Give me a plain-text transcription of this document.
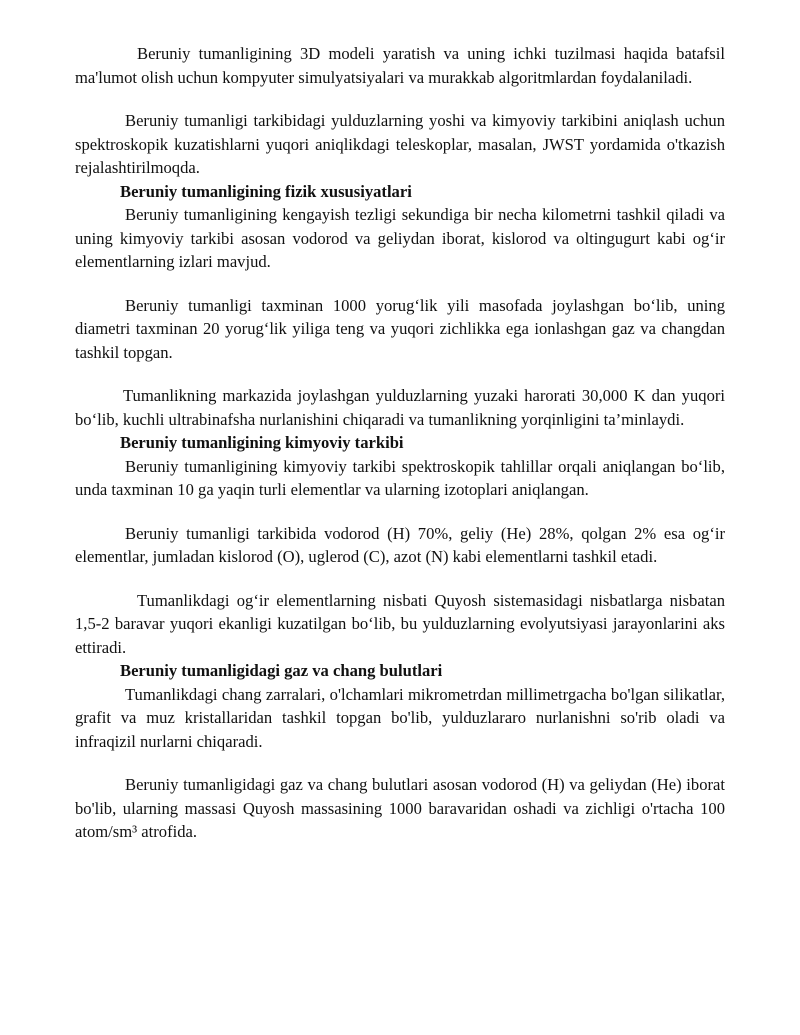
Beruniy tumanligining 3D modeli yaratish va uning ichki tuzilmasi haqida batafsil ma'lumot olish uchun kompyuter simulyatsiyalari va murakkab algoritmlardan foydalaniladi.

Beruniy tumanligi tarkibidagi yulduzlarning yoshi va kimyoviy tarkibini aniqlash uchun spektroskopik kuzatishlarni yuqori aniqlikdagi teleskoplar, masalan, JWST yordamida o'tkazish rejalashtirilmoqda.

Beruniy tumanligining fizik xususiyatlari

Beruniy tumanligining kengayish tezligi sekundiga bir necha kilometrni tashkil qiladi va uning kimyoviy tarkibi asosan vodorod va geliydan iborat, kislorod va oltingugurt kabi og‘ir elementlarning izlari mavjud.

Beruniy tumanligi taxminan 1000 yorug‘lik yili masofada joylashgan bo‘lib, uning diametri taxminan 20 yorug‘lik yiliga teng va yuqori zichlikka ega ionlashgan gaz va changdan tashkil topgan.

Tumanlikning markazida joylashgan yulduzlarning yuzaki harorati 30,000 K dan yuqori bo‘lib, kuchli ultrabinafsha nurlanishini chiqaradi va tumanlikning yorqinligini ta’minlaydi.

Beruniy tumanligining kimyoviy tarkibi

Beruniy tumanligining kimyoviy tarkibi spektroskopik tahlillar orqali aniqlangan bo‘lib, unda taxminan 10 ga yaqin turli elementlar va ularning izotoplari aniqlangan.

Beruniy tumanligi tarkibida vodorod (H) 70%, geliy (He) 28%, qolgan 2% esa og‘ir elementlar, jumladan kislorod (O), uglerod (C), azot (N) kabi elementlarni tashkil etadi.

Tumanlikdagi og‘ir elementlarning nisbati Quyosh sistemasidagi nisbatlarga nisbatan 1,5-2 baravar yuqori ekanligi kuzatilgan bo‘lib, bu yulduzlarning evolyutsiyasi jarayonlarini aks ettiradi.

Beruniy tumanligidagi gaz va chang bulutlari

Tumanlikdagi chang zarralari, o'lchamlari mikrometrdan millimetrgacha bo'lgan silikatlar, grafit va muz kristallaridan tashkil topgan bo'lib, yulduzlararo nurlanishni so'rib oladi va infraqizil nurlarni chiqaradi.

Beruniy tumanligidagi gaz va chang bulutlari asosan vodorod (H) va geliydan (He) iborat bo'lib, ularning massasi Quyosh massasining 1000 baravaridan oshadi va zichligi o'rtacha 100 atom/sm³ atrofida.
